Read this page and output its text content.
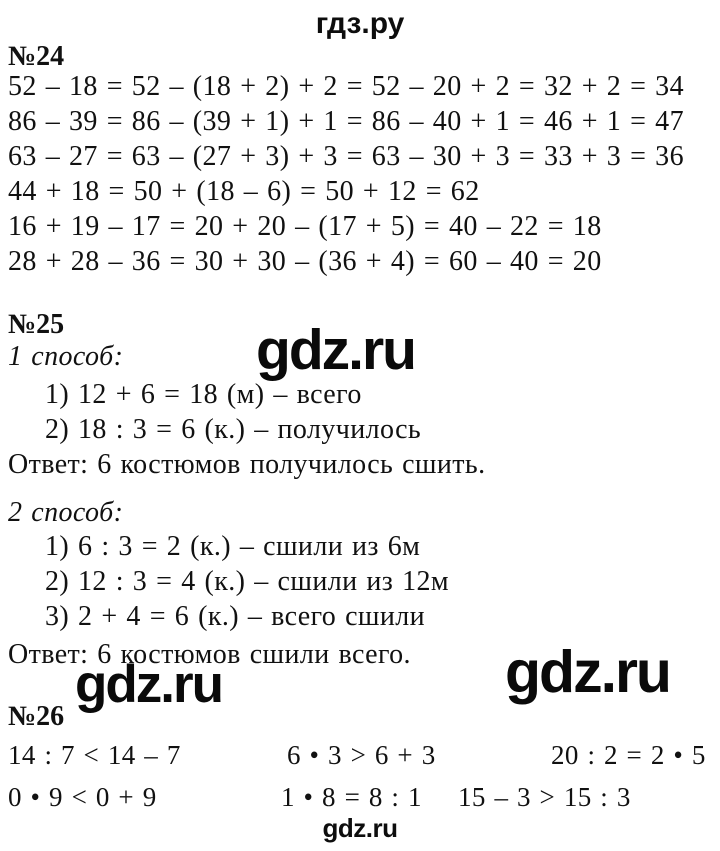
гдз.ру
№24
52 – 18 = 52 – (18 + 2) + 2 = 52 – 20 + 2 = 32 + 2 = 34
86 – 39 = 86 – (39 + 1) + 1 = 86 – 40 + 1 = 46 + 1 = 47
63 – 27 = 63 – (27 + 3) + 3 = 63 – 30 + 3 = 33 + 3 = 36
44 + 18 = 50 + (18 – 6) = 50 + 12 = 62
16 + 19 – 17 = 20 + 20 – (17 + 5) = 40 – 22 = 18
28 + 28 – 36 = 30 + 30 – (36 + 4) = 60 – 40 = 20
№25	gdz.ru
1 способ:
1) 12 + 6 = 18 (м) – всего
2) 18 : 3 = 6 (к.) – получилось
Ответ: 6 костюмов получилось сшить.
2 способ:
1) 6 : 3 = 2 (к.) – сшили из 6м
2) 12 : 3 = 4 (к.) – сшили из 12м
3) 2 + 4 = 6 (к.) – всего сшили
Ответ: 6 костюмов сшили всего.
gdz.ru	gdz.ru
№26
14 : 7 < 14 – 7	6 • 3 > 6 + 3	20 : 2 = 2 • 5
0 • 9 < 0 + 9	1 • 8 = 8 : 1 15 – 3 > 15 : 3
gdz.ru
